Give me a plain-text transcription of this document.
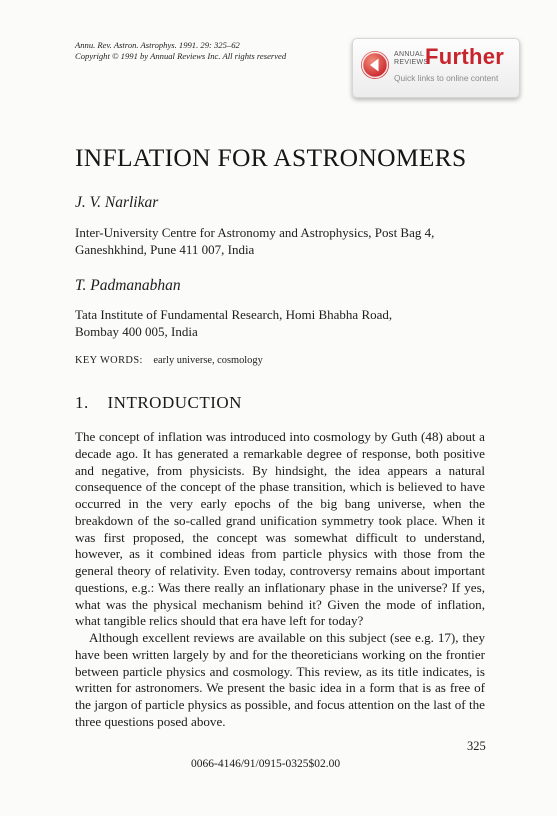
Annu. Rev. Astron. Astrophys. 1991. 29: 325–62
Copyright © 1991 by Annual Reviews Inc. All rights reserved	ANNUAL REVIEWS
Further
Quick links to online content
INFLATION FOR ASTRONOMERS
J. V. Narlikar
Inter-University Centre for Astronomy and Astrophysics, Post Bag 4,
Ganeshkhind, Pune 411 007, India
T. Padmanabhan
Tata Institute of Fundamental Research, Homi Bhabha Road,
Bombay 400 005, India
KEY WORDS: early universe, cosmology
1. INTRODUCTION

The concept of inflation was introduced into cosmology by Guth (48) about a decade ago. It has generated a remarkable degree of response, both positive and negative, from physicists. By hindsight, the idea appears a natural consequence of the concept of the phase transition, which is believed to have occurred in the very early epochs of the big bang universe, when the breakdown of the so-called grand unification symmetry took place. When it was first proposed, the concept was somewhat difficult to understand, however, as it combined ideas from particle physics with those from the general theory of relativity. Even today, controversy remains about important questions, e.g.: Was there really an inflationary phase in the universe? If yes, what was the physical mechanism behind it? Given the mode of inflation, what tangible relics should that era have left for today?

Although excellent reviews are available on this subject (see e.g. 17), they have been written largely by and for the theoreticians working on the frontier between particle physics and cosmology. This review, as its title indicates, is written for astronomers. We present the basic idea in a form that is as free of the jargon of particle physics as possible, and focus attention on the last of the three questions posed above.

325
0066-4146/91/0915-0325$02.00
